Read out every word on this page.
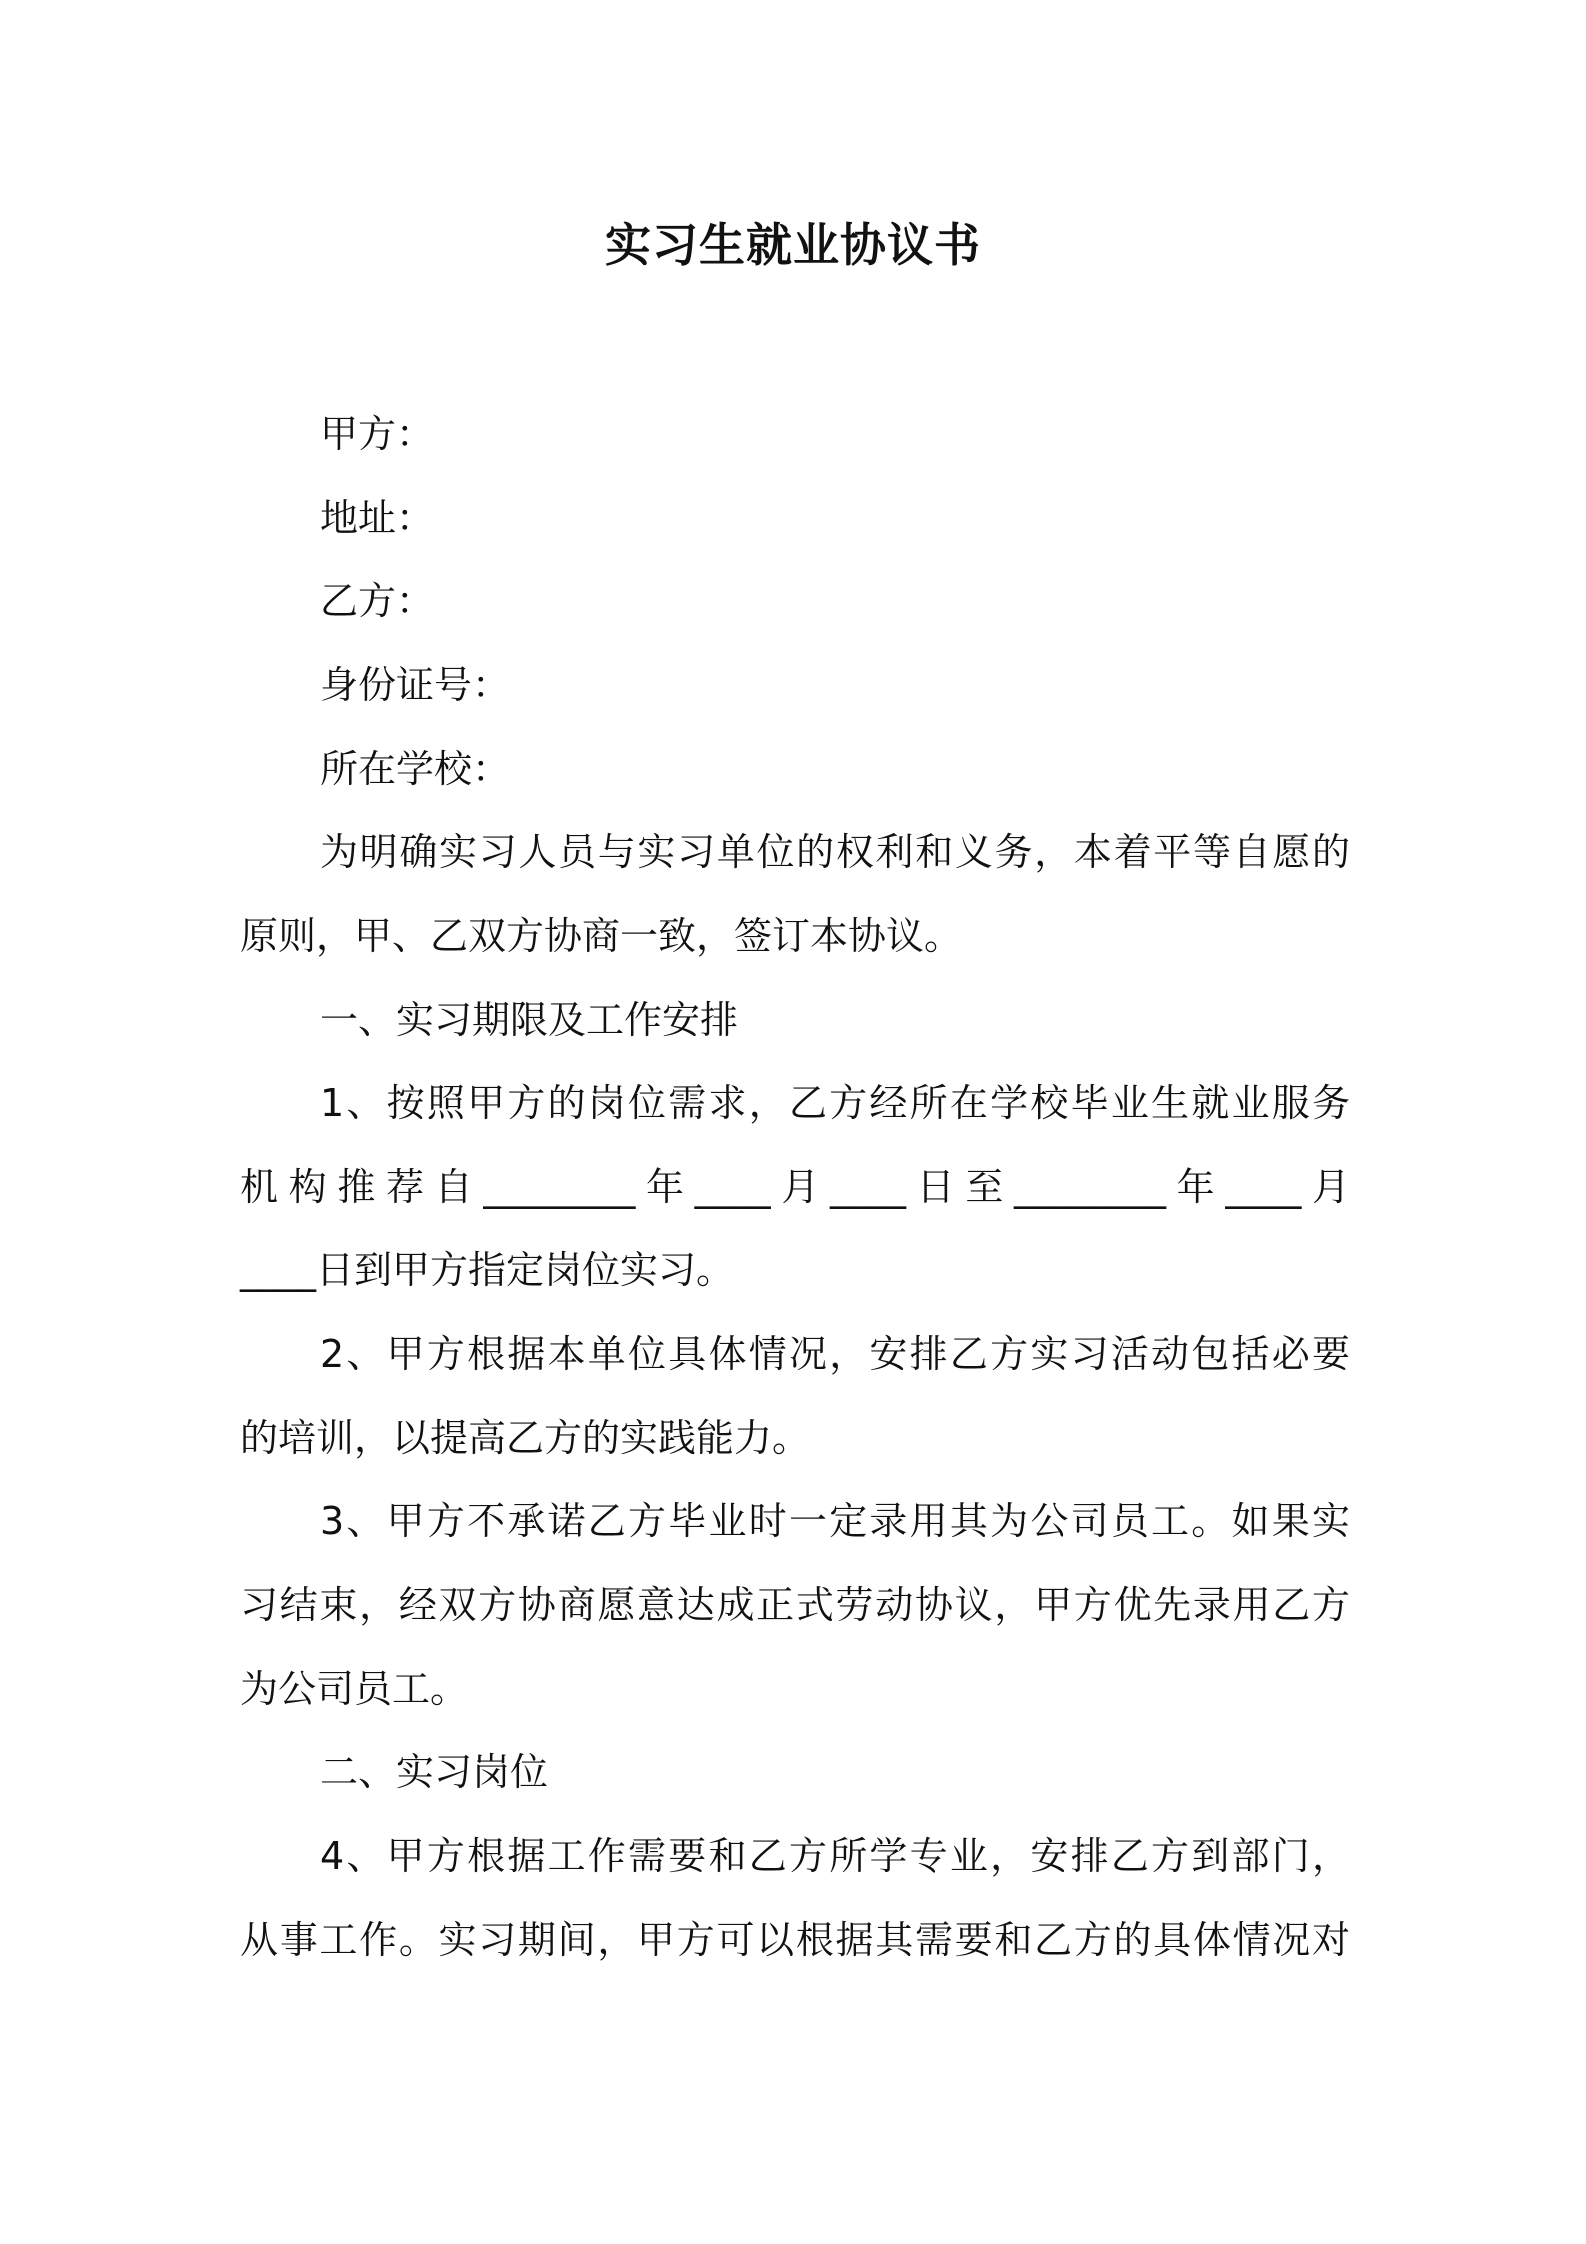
实习生就业协议书
甲方：
地址：
乙方：
身份证号：
所在学校：
为明确实习人员与实习单位的权利和义务，本着平等自愿的
原则，甲、乙双方协商一致，签订本协议。
一、实习期限及工作安排
1、按照甲方的岗位需求，乙方经所在学校毕业生就业服务
机构推荐自________年____月____日至________年____月
____日到甲方指定岗位实习。
2、甲方根据本单位具体情况，安排乙方实习活动包括必要
的培训，以提高乙方的实践能力。
3、甲方不承诺乙方毕业时一定录用其为公司员工。如果实
习结束，经双方协商愿意达成正式劳动协议，甲方优先录用乙方
为公司员工。
二、实习岗位
4、甲方根据工作需要和乙方所学专业，安排乙方到部门，
从事工作。实习期间，甲方可以根据其需要和乙方的具体情况对
